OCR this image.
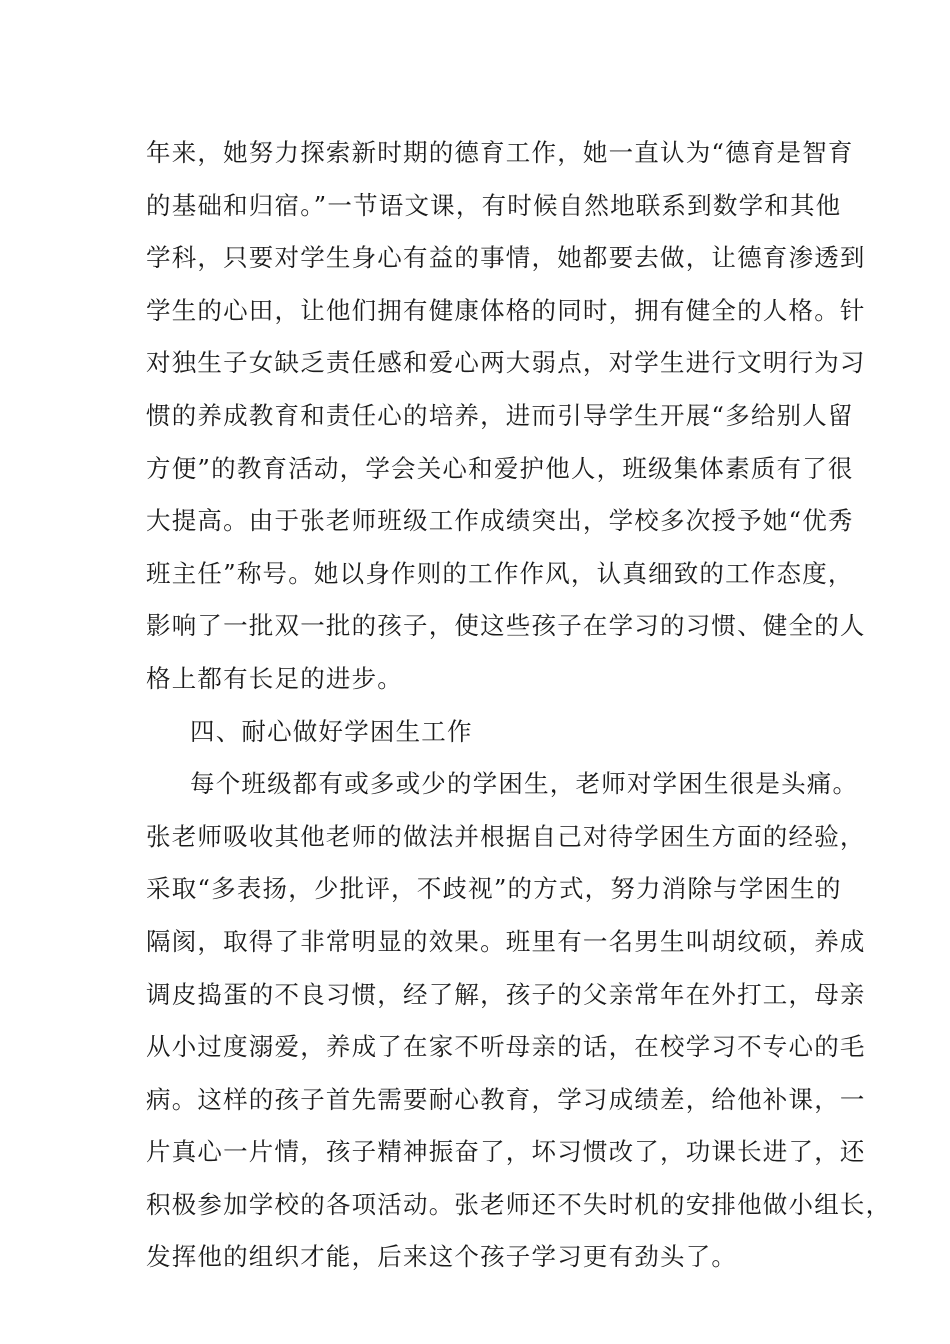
年来，她努力探索新时期的德育工作，她一直认为“德育是智育
的基础和归宿。”一节语文课，有时候自然地联系到数学和其他
学科，只要对学生身心有益的事情，她都要去做，让德育渗透到
学生的心田，让他们拥有健康体格的同时，拥有健全的人格。针
对独生子女缺乏责任感和爱心两大弱点，对学生进行文明行为习
惯的养成教育和责任心的培养，进而引导学生开展“多给别人留
方便”的教育活动，学会关心和爱护他人，班级集体素质有了很
大提高。由于张老师班级工作成绩突出，学校多次授予她“优秀
班主任”称号。她以身作则的工作作风，认真细致的工作态度，
影响了一批双一批的孩子，使这些孩子在学习的习惯、健全的人
格上都有长足的进步。
四、耐心做好学困生工作
每个班级都有或多或少的学困生，老师对学困生很是头痛。
张老师吸收其他老师的做法并根据自己对待学困生方面的经验，
采取“多表扬，少批评，不歧视”的方式，努力消除与学困生的
隔阂，取得了非常明显的效果。班里有一名男生叫胡纹硕，养成
调皮捣蛋的不良习惯，经了解，孩子的父亲常年在外打工，母亲
从小过度溺爱，养成了在家不听母亲的话，在校学习不专心的毛
病。这样的孩子首先需要耐心教育，学习成绩差，给他补课，一
片真心一片情，孩子精神振奋了，坏习惯改了，功课长进了，还
积极参加学校的各项活动。张老师还不失时机的安排他做小组长，
发挥他的组织才能，后来这个孩子学习更有劲头了。
